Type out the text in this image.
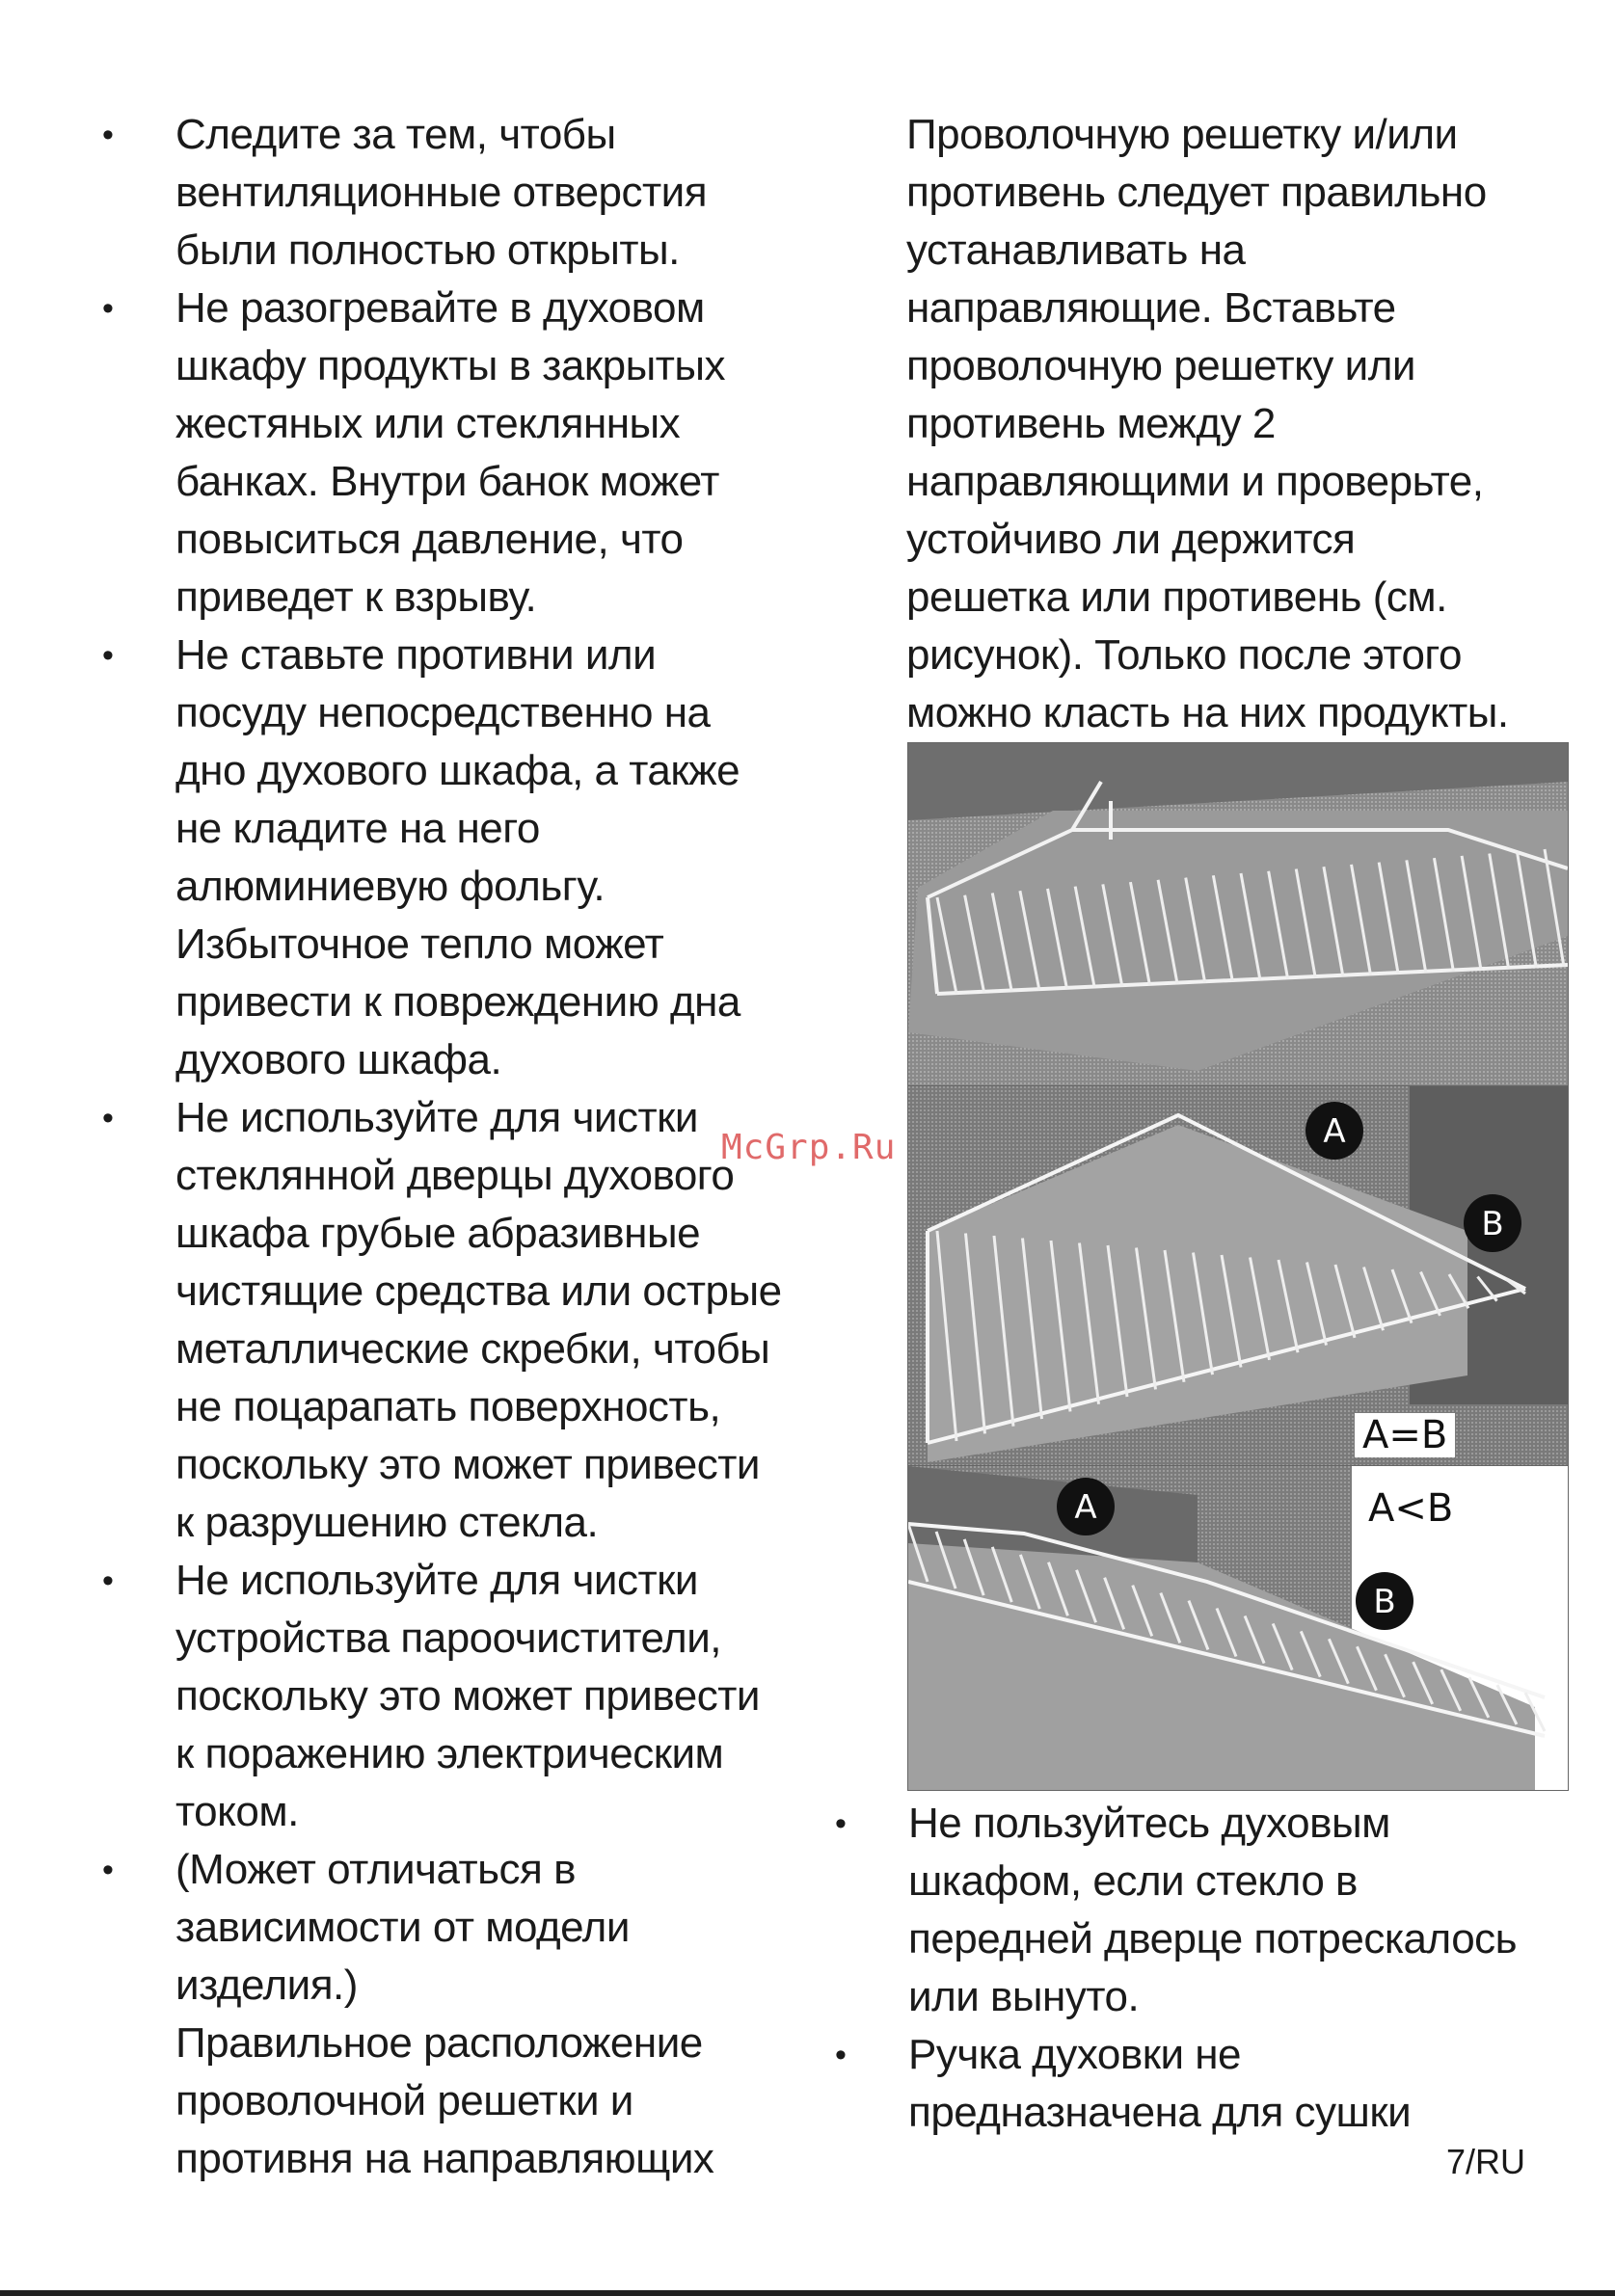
•	Следите за тем, чтобы
вентиляционные отверстия
были полностью открыты.
•	Не разогревайте в духовом
шкафу продукты в закрытых
жестяных или стеклянных
банках. Внутри банок может
повыситься давление, что
приведет к взрыву.
•	Не ставьте противни или
посуду непосредственно на
дно духового шкафа, а также
не кладите на него
алюминиевую фольгу.
Избыточное тепло может
привести к повреждению дна
духового шкафа.
•	Не используйте для чистки
стеклянной дверцы духового
шкафа грубые абразивные
чистящие средства или острые
металлические скребки, чтобы
не поцарапать поверхность,
поскольку это может привести
к разрушению стекла.
•	Не используйте для чистки
устройства пароочистители,
поскольку это может привести
к поражению электрическим
током.
•	(Может отличаться в
зависимости от модели
изделия.)
Правильное расположение
проволочной решетки и
противня на направляющих
Проволочную решетку и/или
противень следует правильно
устанавливать на
направляющие. Вставьте
проволочную решетку или
противень между 2
направляющими и проверьте,
устойчиво ли держится
решетка или противень (см.
рисунок). Только после этого
можно класть на них продукты.
•	Не пользуйтесь духовым
шкафом, если стекло в
передней дверце потрескалось
или вынуто.
•	Ручка духовки не
предназначена для сушки
A
B
A=B
A
B
A<B
McGrp.Ru
7/RU
